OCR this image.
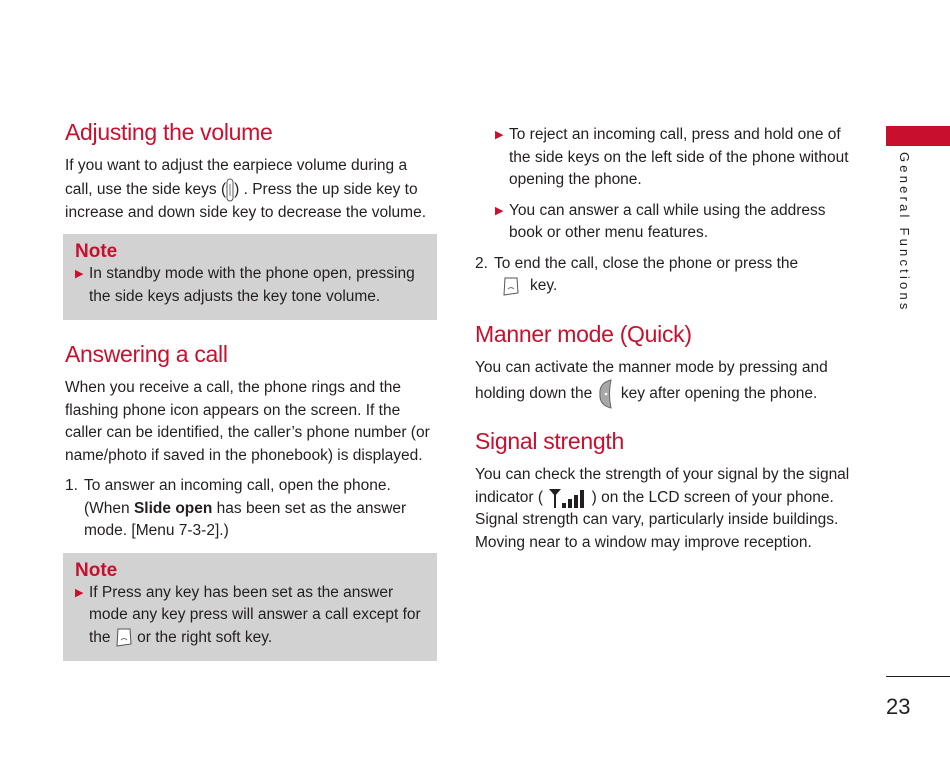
Adjusting the volume

If you want to adjust the earpiece volume during a call, use the side keys ( ) . Press the up side key to increase and down side key to decrease the volume.

Note
▶ In standby mode with the phone open, pressing the side keys adjusts the key tone volume.
Answering a call

When you receive a call, the phone rings and the flashing phone icon appears on the screen. If the caller can be identified, the caller’s phone number (or name/photo if saved in the phonebook) is displayed.

1. To answer an incoming call, open the phone. (When Slide open has been set as the answer mode. [Menu 7-3-2].)
Note
▶ If Press any key has been set as the answer mode any key press will answer a call except for the  or the right soft key.
▶ To reject an incoming call, press and hold one of the side keys on the left side of the phone without opening the phone.
▶ You can answer a call while using the address book or other menu features.
2. To end the call, close the phone or press the
key.
Manner mode (Quick)

You can activate the manner mode by pressing and holding down the  key after opening the phone.

Signal strength

You can check the strength of your signal by the signal indicator (	) on the LCD screen of your phone. Signal strength can vary, particularly inside buildings. Moving near to a window may improve reception.

General Functions
23
